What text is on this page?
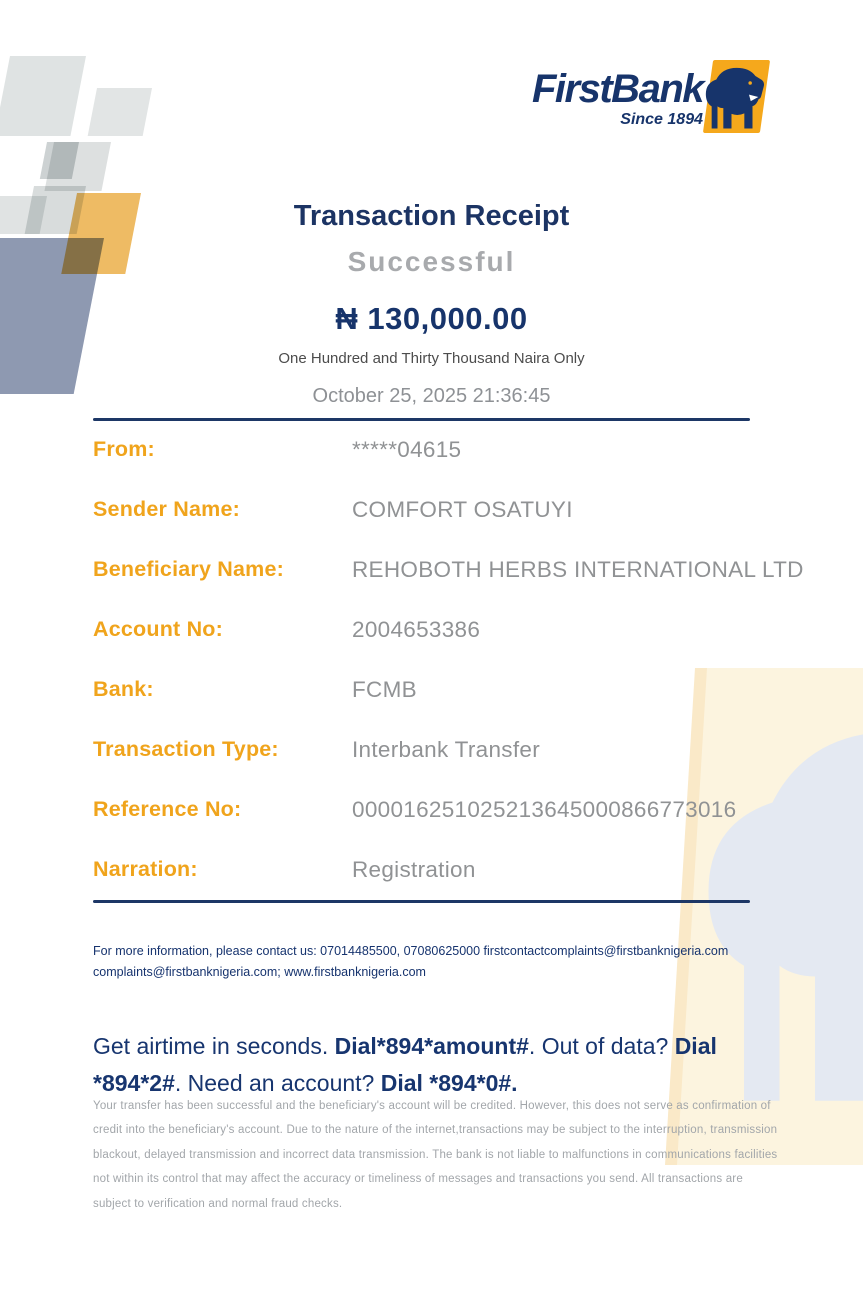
FirstBank
Since 1894
Transaction Receipt
Successful
₦ 130,000.00
One Hundred and Thirty Thousand Naira Only
October 25, 2025 21:36:45
From:	*****04615
Sender Name:	COMFORT OSATUYI
Beneficiary Name:	REHOBOTH HERBS INTERNATIONAL LTD
Account No:	2004653386
Bank:	FCMB
Transaction Type:	Interbank Transfer
Reference No:	000016251025213645000866773016
Narration:	Registration
For more information, please contact us: 07014485500, 07080625000 firstcontactcomplaints@firstbanknigeria.com complaints@firstbanknigeria.com; www.firstbanknigeria.com

Get airtime in seconds. Dial*894*amount#. Out of data? Dial *894*2#. Need an account? Dial *894*0#.

Your transfer has been successful and the beneficiary's account will be credited. However, this does not serve as confirmation of credit into the beneficiary's account. Due to the nature of the internet,transactions may be subject to the interruption, transmission blackout, delayed transmission and incorrect data transmission. The bank is not liable to malfunctions in communications facilities not within its control that may affect the accuracy or timeliness of messages and transactions you send. All transactions are subject to verification and normal fraud checks.
